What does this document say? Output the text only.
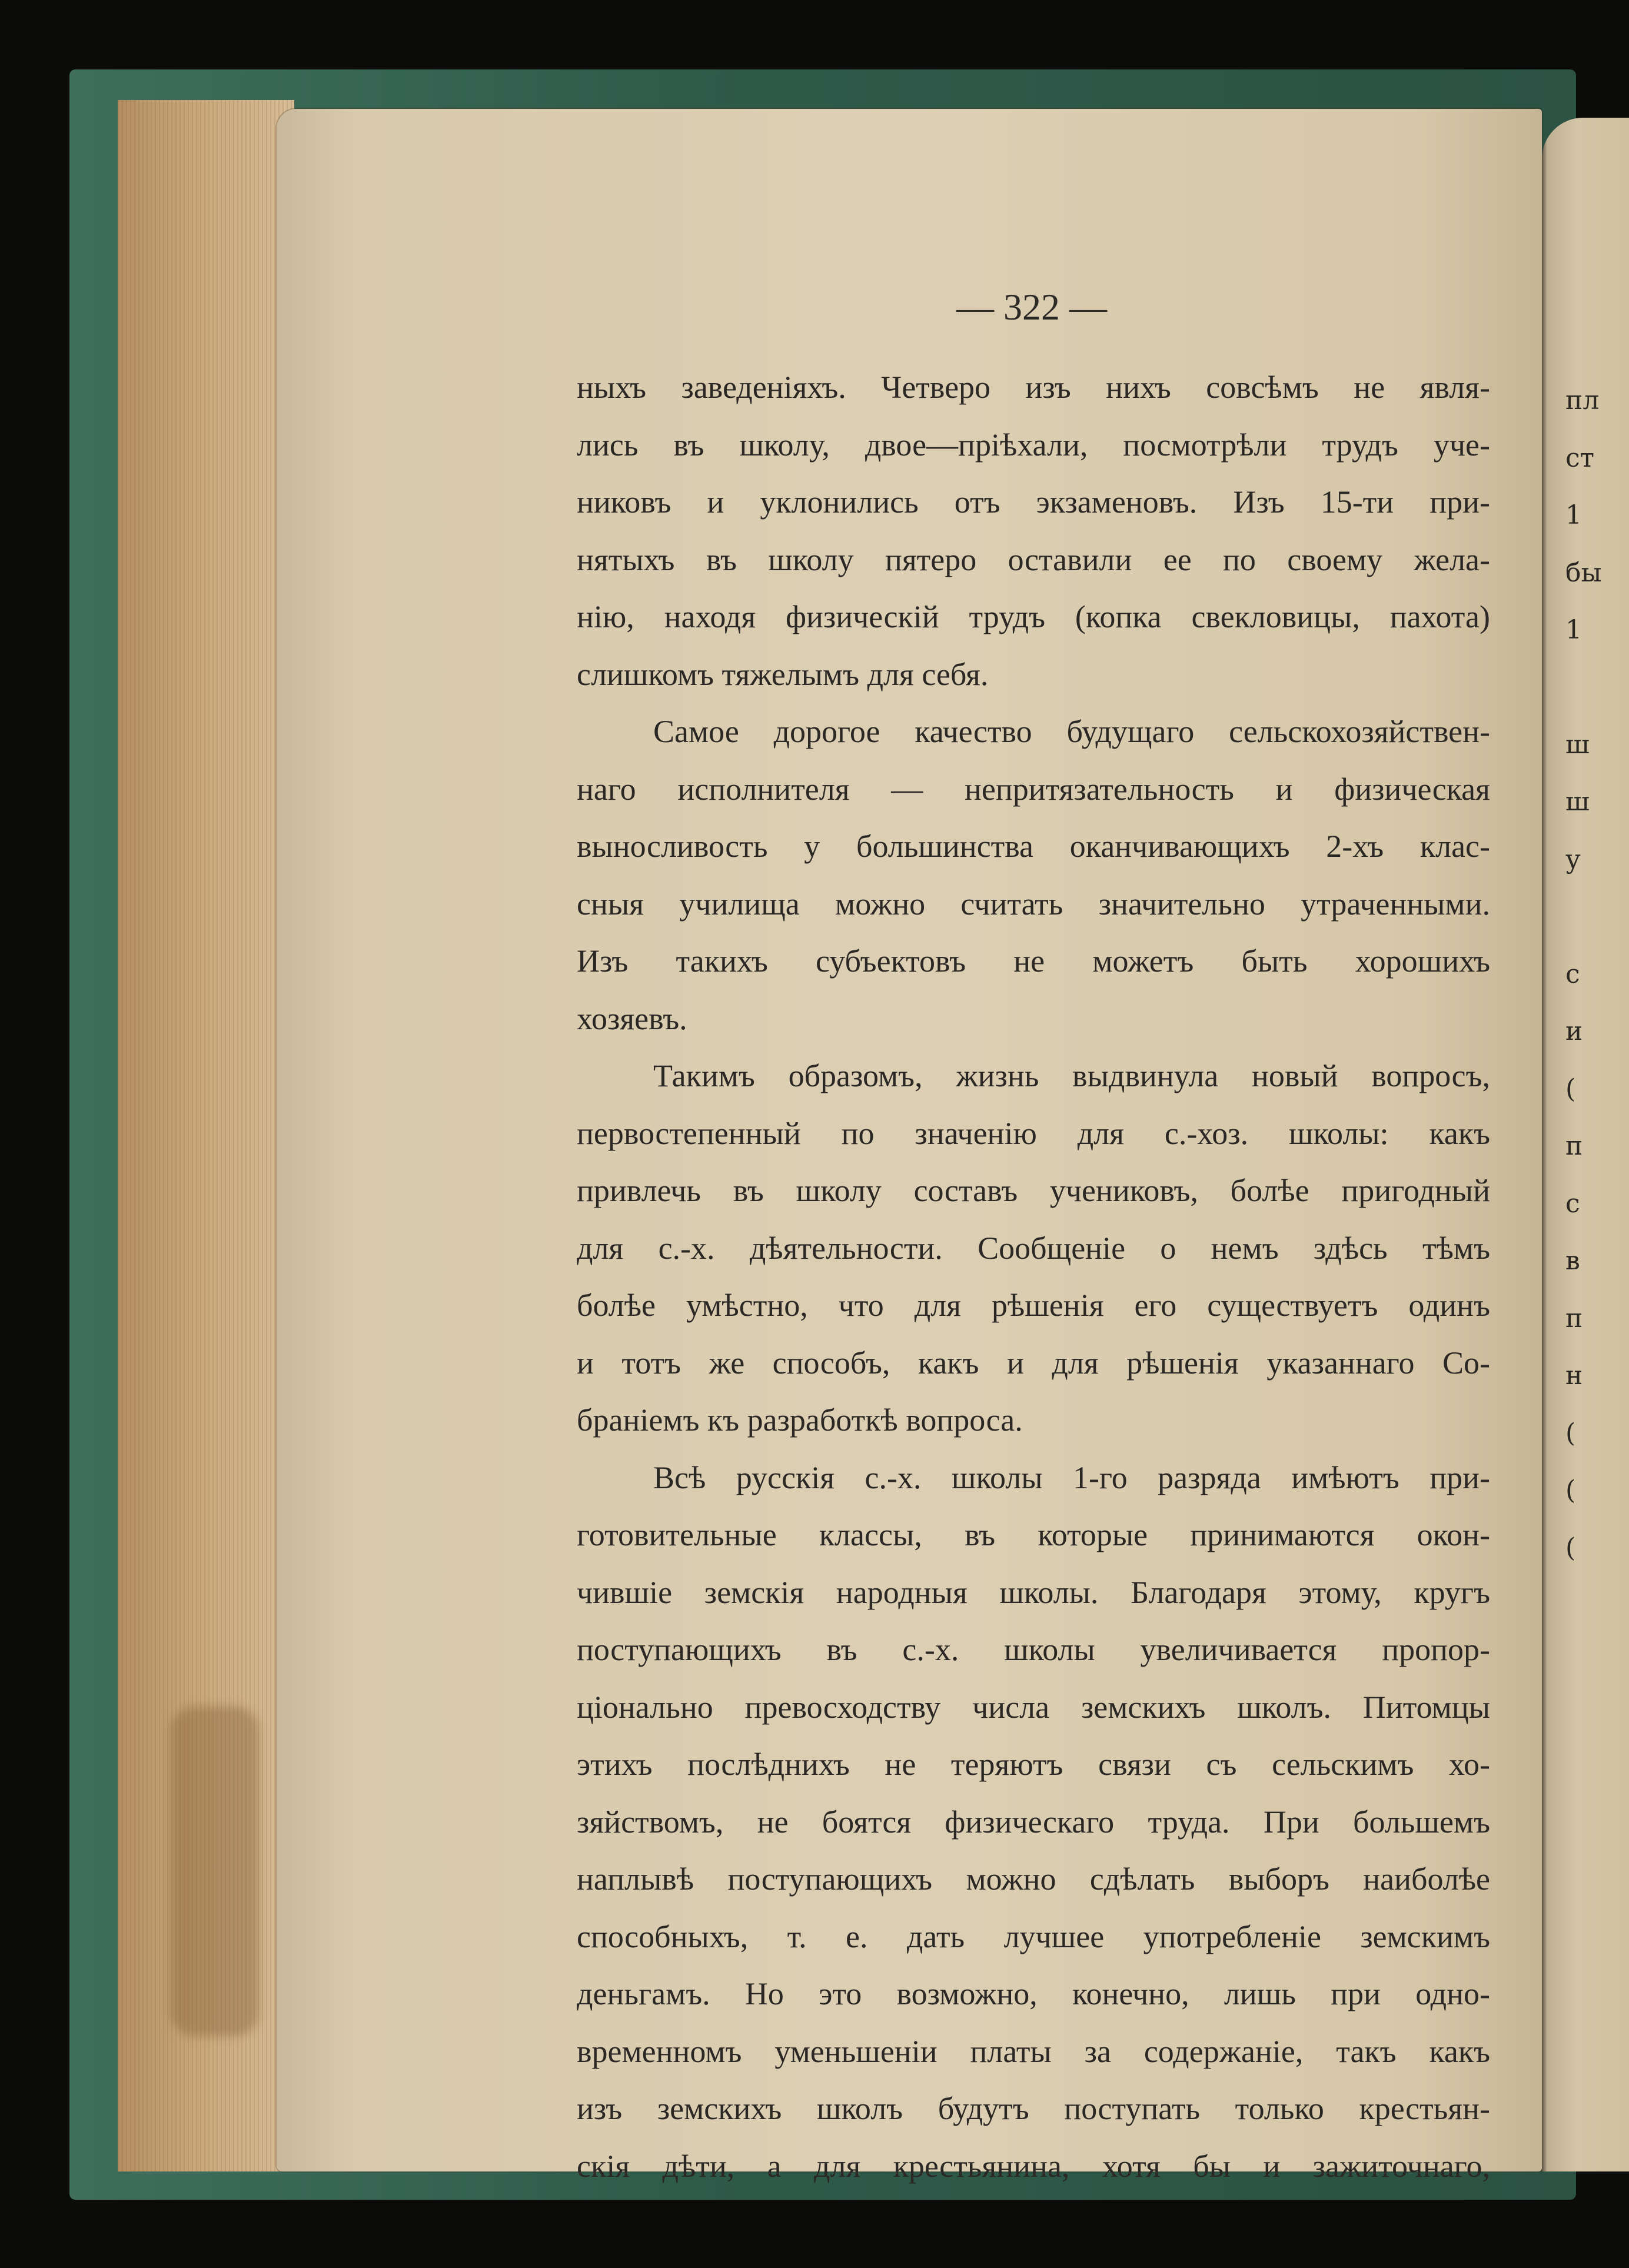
пл
ст
1
бы
1
ш
ш
у
с
и
(
п
с
в
п
н
(
(
(
— 322 —
ныхъ заведеніяхъ. Четверо изъ нихъ совсѣмъ не явля-
лись въ школу, двое—пріѣхали, посмотрѣли трудъ уче-
никовъ и уклонились отъ экзаменовъ. Изъ 15-ти при-
нятыхъ въ школу пятеро оставили ее по своему жела-
нію, находя физическій трудъ (копка свекловицы, пахота)
слишкомъ тяжелымъ для себя.
Самое дорогое качество будущаго сельскохозяйствен-
наго исполнителя — непритязательность и физическая
выносливость у большинства оканчивающихъ 2-хъ клас-
сныя училища можно считать значительно утраченными.
Изъ такихъ субъектовъ не можетъ быть хорошихъ
хозяевъ.
Такимъ образомъ, жизнь выдвинула новый вопросъ,
первостепенный по значенію для с.-хоз. школы: какъ
привлечь въ школу составъ учениковъ, болѣе пригодный
для с.-х. дѣятельности. Сообщеніе о немъ здѣсь тѣмъ
болѣе умѣстно, что для рѣшенія его существуетъ одинъ
и тотъ же способъ, какъ и для рѣшенія указаннаго Со-
браніемъ къ разработкѣ вопроса.
Всѣ русскія с.-х. школы 1-го разряда имѣютъ при-
готовительные классы, въ которые принимаются окон-
чившіе земскія народныя школы. Благодаря этому, кругъ
поступающихъ въ с.-х. школы увеличивается пропор-
ціонально превосходству числа земскихъ школъ. Питомцы
этихъ послѣднихъ не теряютъ связи съ сельскимъ хо-
зяйствомъ, не боятся физическаго труда. При большемъ
наплывѣ поступающихъ можно сдѣлать выборъ наиболѣе
способныхъ, т. е. дать лучшее употребленіе земскимъ
деньгамъ. Но это возможно, конечно, лишь при одно-
временномъ уменьшеніи платы за содержаніе, такъ какъ
изъ земскихъ школъ будутъ поступать только крестьян-
скія дѣти, а для крестьянина, хотя бы и зажиточнаго,
